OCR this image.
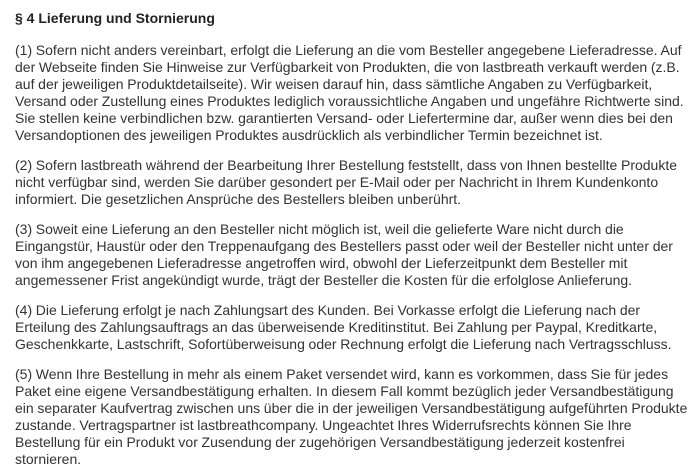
§ 4 Lieferung und Stornierung

(1) Sofern nicht anders vereinbart, erfolgt die Lieferung an die vom Besteller angegebene Lieferadresse. Auf der Webseite finden Sie Hinweise zur Verfügbarkeit von Produkten, die von lastbreath verkauft werden (z.B. auf der jeweiligen Produktdetailseite). Wir weisen darauf hin, dass sämtliche Angaben zu Verfügbarkeit, Versand oder Zustellung eines Produktes lediglich voraussichtliche Angaben und ungefähre Richtwerte sind. Sie stellen keine verbindlichen bzw. garantierten Versand- oder Liefertermine dar, außer wenn dies bei den Versandoptionen des jeweiligen Produktes ausdrücklich als verbindlicher Termin bezeichnet ist.

(2) Sofern lastbreath während der Bearbeitung Ihrer Bestellung feststellt, dass von Ihnen bestellte Produkte nicht verfügbar sind, werden Sie darüber gesondert per E-Mail oder per Nachricht in Ihrem Kundenkonto informiert. Die gesetzlichen Ansprüche des Bestellers bleiben unberührt.

(3) Soweit eine Lieferung an den Besteller nicht möglich ist, weil die gelieferte Ware nicht durch die Eingangstür, Haustür oder den Treppenaufgang des Bestellers passt oder weil der Besteller nicht unter der von ihm angegebenen Lieferadresse angetroffen wird, obwohl der Lieferzeitpunkt dem Besteller mit angemessener Frist angekündigt wurde, trägt der Besteller die Kosten für die erfolglose Anlieferung.

(4) Die Lieferung erfolgt je nach Zahlungsart des Kunden. Bei Vorkasse erfolgt die Lieferung nach der Erteilung des Zahlungsauftrags an das überweisende Kreditinstitut. Bei Zahlung per Paypal, Kreditkarte, Geschenkkarte, Lastschrift, Sofortüberweisung oder Rechnung erfolgt die Lieferung nach Vertragsschluss.

(5) Wenn Ihre Bestellung in mehr als einem Paket versendet wird, kann es vorkommen, dass Sie für jedes Paket eine eigene Versandbestätigung erhalten. In diesem Fall kommt bezüglich jeder Versandbestätigung ein separater Kaufvertrag zwischen uns über die in der jeweiligen Versandbestätigung aufgeführten Produkte zustande. Vertragspartner ist lastbreathcompany. Ungeachtet Ihres Widerrufsrechts können Sie Ihre Bestellung für ein Produkt vor Zusendung der zugehörigen Versandbestätigung jederzeit kostenfrei stornieren.
